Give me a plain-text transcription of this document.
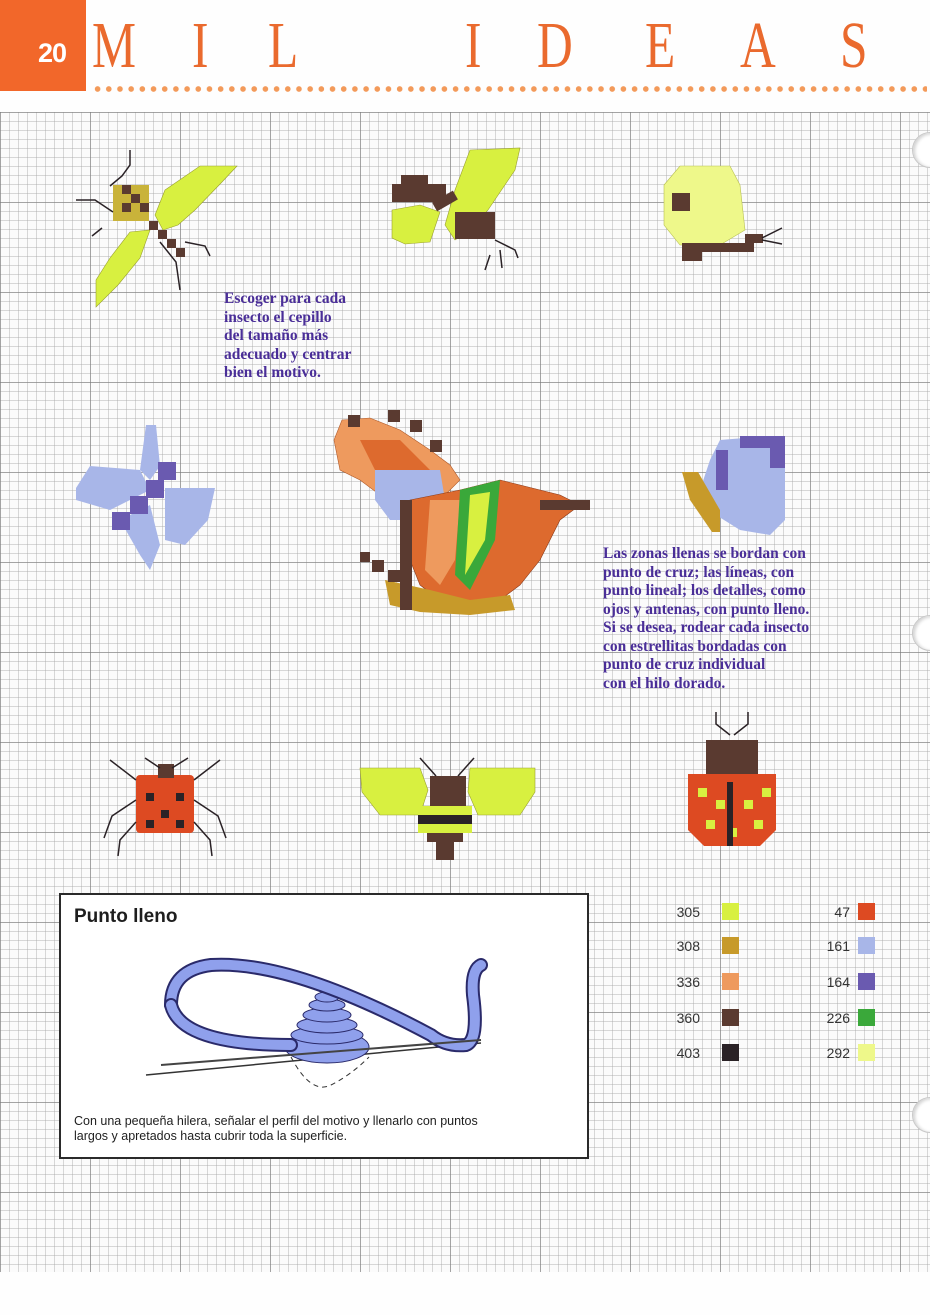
20 M I L	I D E A S
Escoger para cada
insecto el cepillo
del tamaño más
adecuado y centrar
bien el motivo.
Las zonas llenas se bordan con
punto de cruz; las líneas, con
punto lineal; los detalles, como
ojos y antenas, con punto lleno.
Si se desea, rodear cada insecto
con estrellitas bordadas con
punto de cruz individual
con el hilo dorado.
Punto lleno
Con una pequeña hilera, señalar el perfil del motivo y llenarlo con puntos
largos y apretados hasta cubrir toda la superficie.
305
308
336
360
403
47
161
164
226
292
